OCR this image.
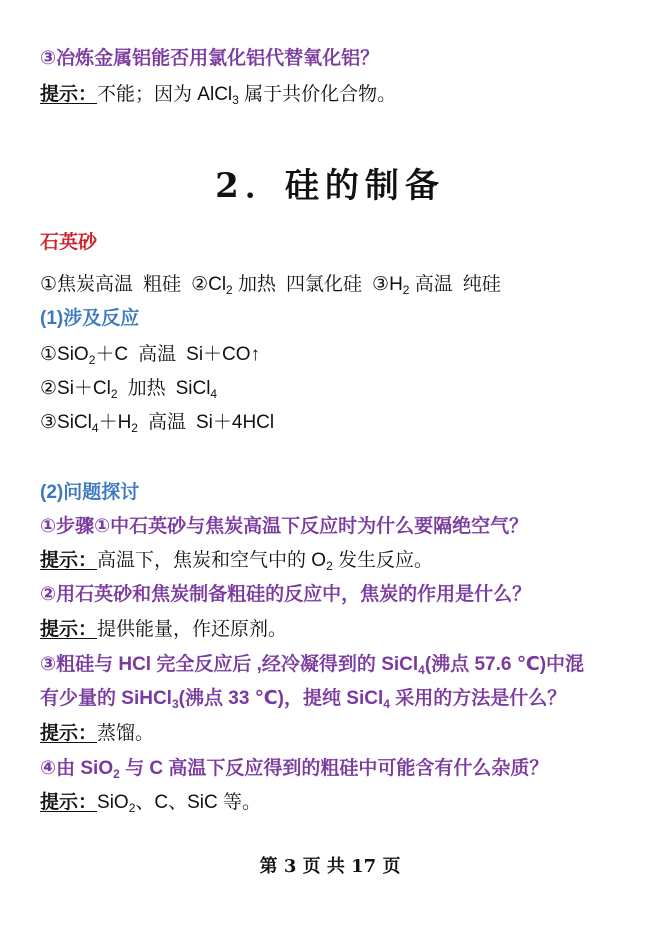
③冶炼金属铝能否用氯化铝代替氧化铝？
提示：不能；因为 AlCl$_3$ 属于共价化合物。
2．硅的制备
石英砂
①焦炭高温 粗硅 $②Cl_2$ 加热 四氯化硅 $③H_2$ 高温 纯硅
(1)涉及反应
①SiO$_2$＋C 高温 Si＋CO↑
$②Si+Cl_2$ 加热 SiCl$_4$
$③SiCl_4+H_2$ 高温 Si＋4HCl
(2)问题探讨
①步骤①中石英砂与焦炭高温下反应时为什么要隔绝空气？
提示：高温下，焦炭和空气中的 $O_2$ 发生反应。
②用石英砂和焦炭制备粗硅的反应中，焦炭的作用是什么？
提示：提供能量，作还原剂。
③粗硅与 HCl 完全反应后 ,经冷凝得到的 SiCl$_4$(沸点 57.6 ℃)中混
有少量的 SiHCl$_3$(沸点 33 ℃)，提纯 SiCl$_4$ 采用的方法是什么？
提示：蒸馏。
④由 SiO$_2$ 与 C 高温下反应得到的粗硅中可能含有什么杂质？
提示：SiO$_2$、C、SiC 等。
第 3 页 共 17 页
